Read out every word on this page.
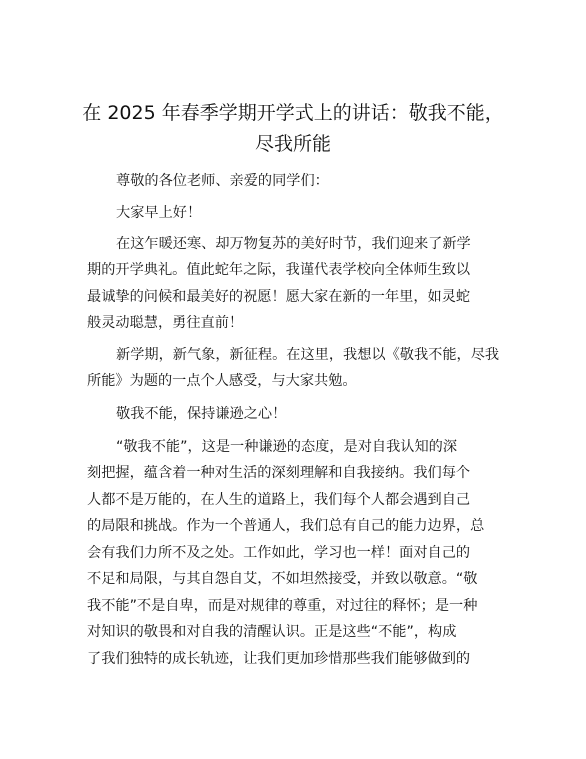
在 2025 年春季学期开学式上的讲话：敬我不能，
尽我所能
尊敬的各位老师、亲爱的同学们：
大家早上好！
在这乍暖还寒、却万物复苏的美好时节，我们迎来了新学
期的开学典礼。值此蛇年之际，我谨代表学校向全体师生致以
最诚挚的问候和最美好的祝愿！愿大家在新的一年里，如灵蛇
般灵动聪慧，勇往直前！
新学期，新气象，新征程。在这里，我想以《敬我不能，尽我
所能》为题的一点个人感受，与大家共勉。
敬我不能，保持谦逊之心！
“敬我不能”，这是一种谦逊的态度，是对自我认知的深
刻把握，蕴含着一种对生活的深刻理解和自我接纳。我们每个
人都不是万能的，在人生的道路上，我们每个人都会遇到自己
的局限和挑战。作为一个普通人，我们总有自己的能力边界，总
会有我们力所不及之处。工作如此，学习也一样！面对自己的
不足和局限，与其自怨自艾，不如坦然接受，并致以敬意。“敬
我不能”不是自卑，而是对规律的尊重，对过往的释怀；是一种
对知识的敬畏和对自我的清醒认识。正是这些“不能”，构成
了我们独特的成长轨迹，让我们更加珍惜那些我们能够做到的
